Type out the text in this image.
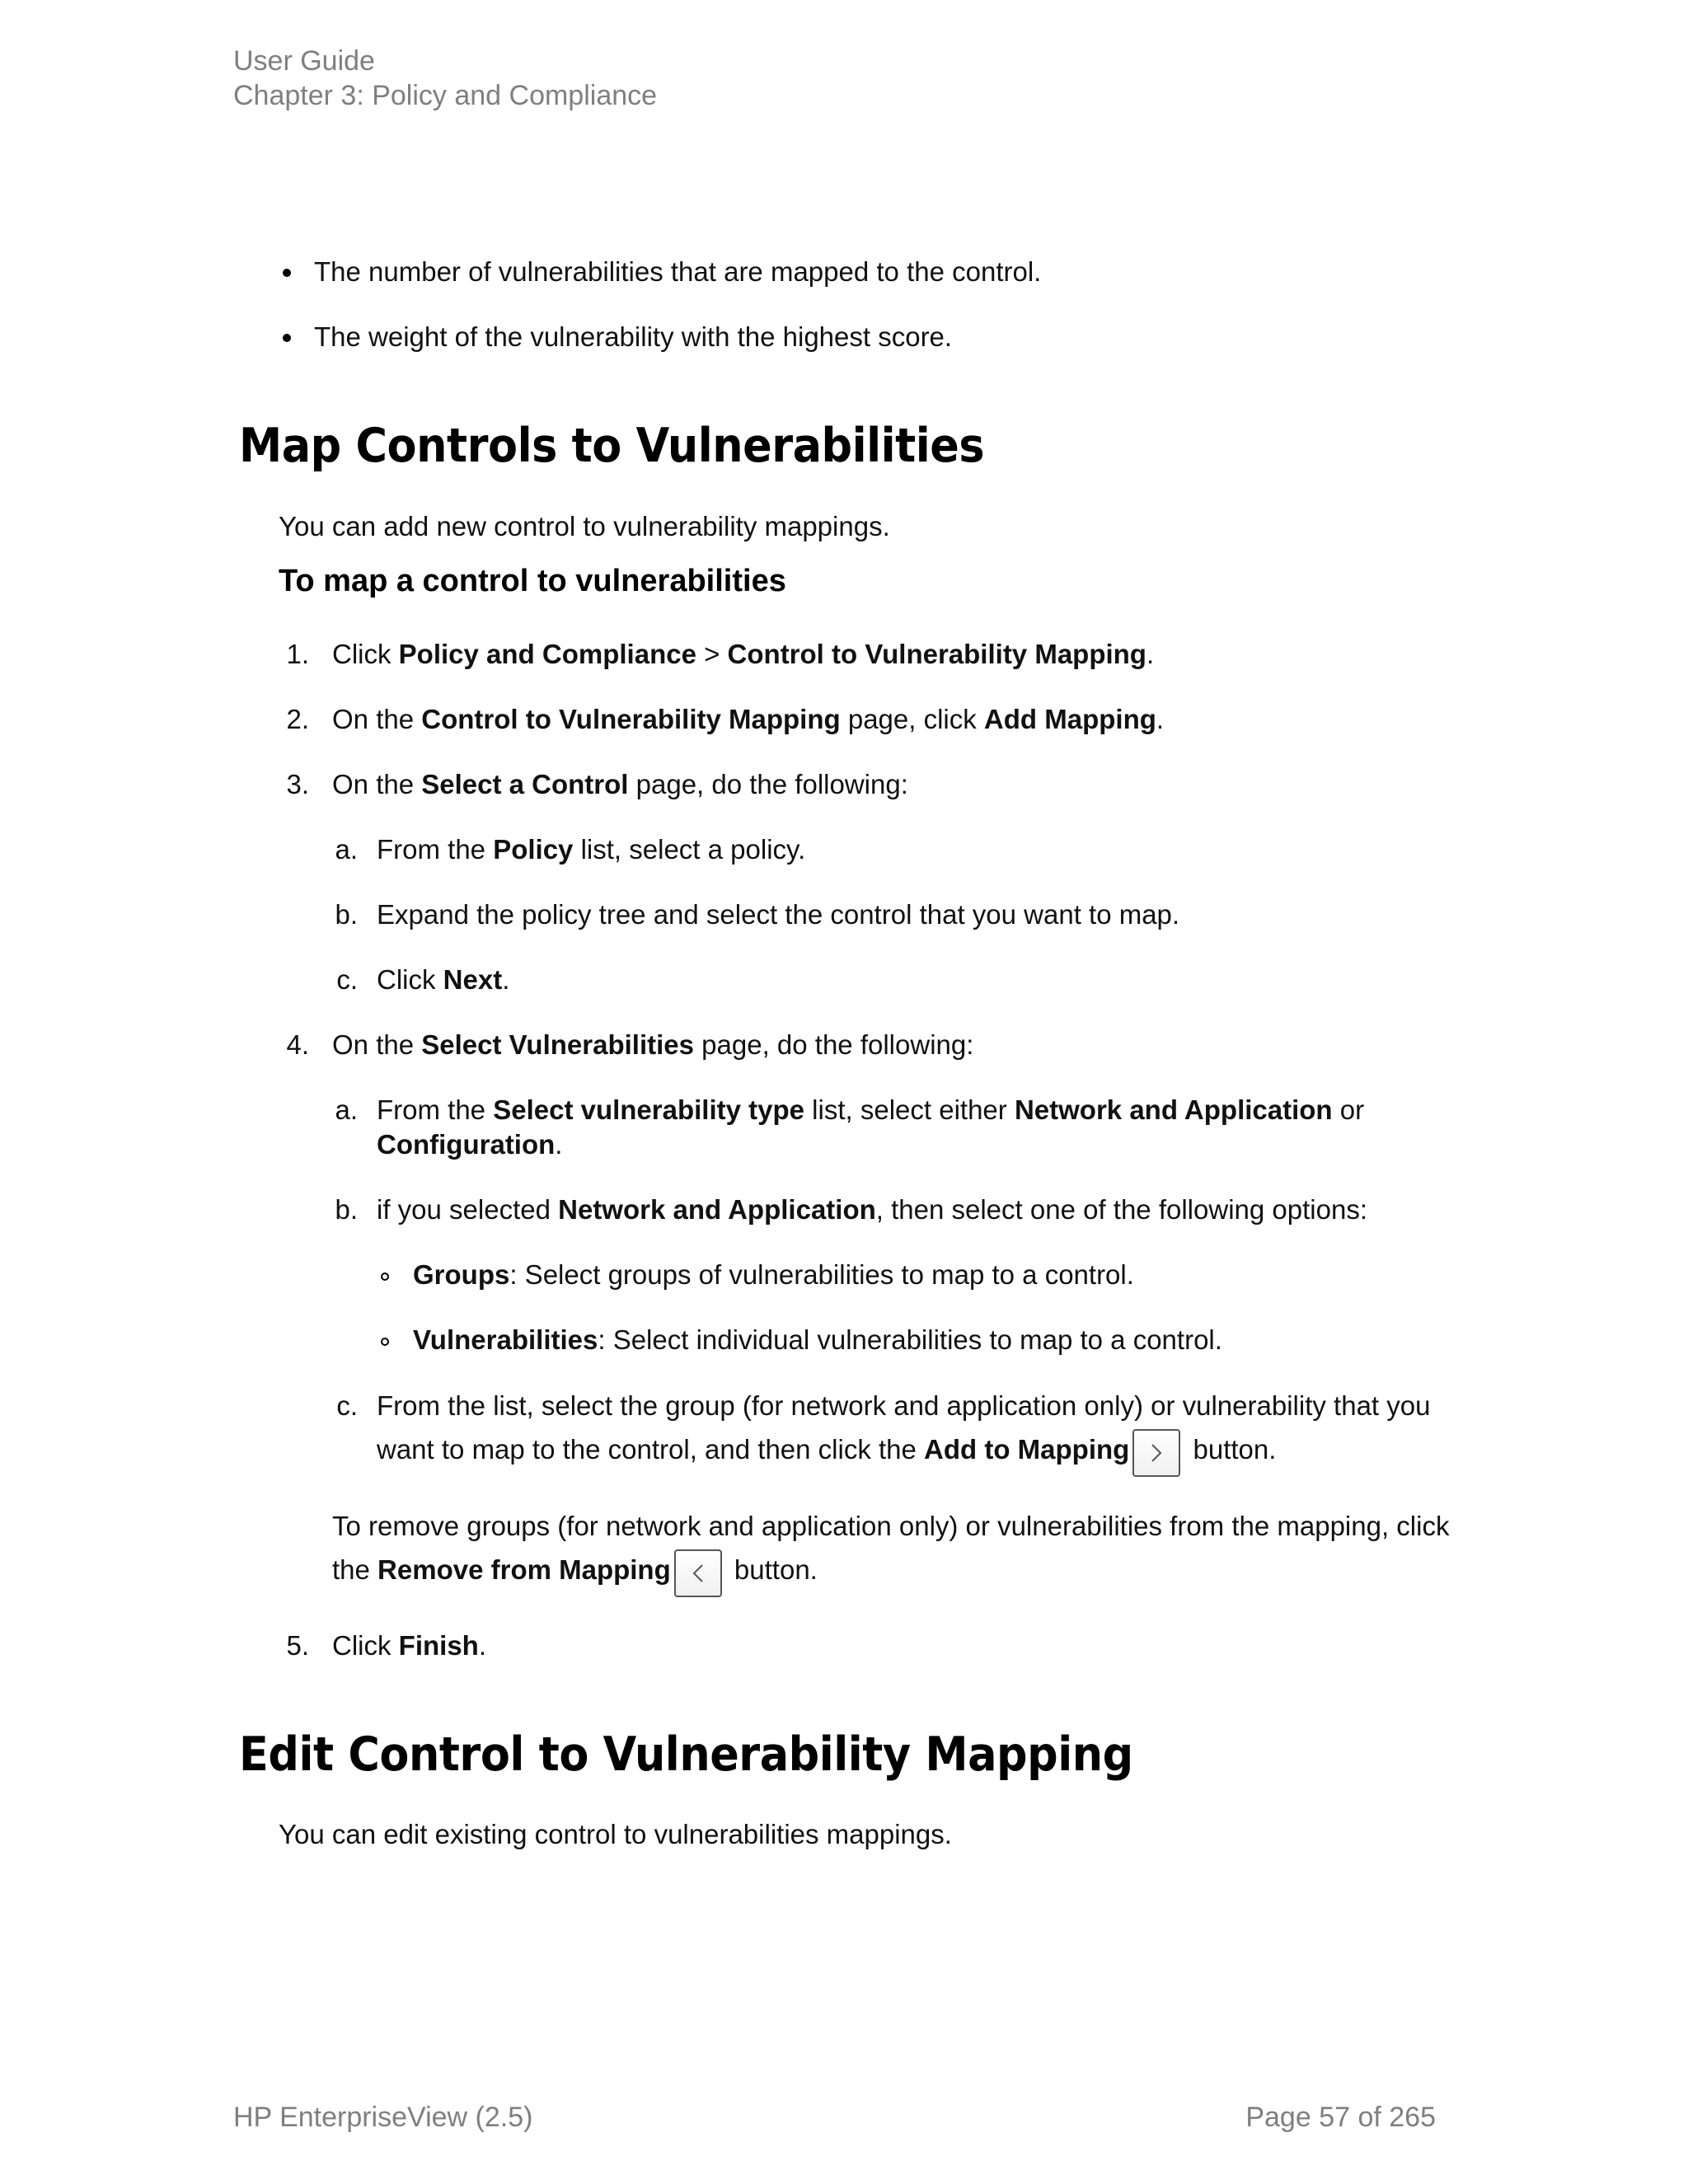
User Guide
Chapter 3: Policy and Compliance
The number of vulnerabilities that are mapped to the control.
The weight of the vulnerability with the highest score.
Map Controls to Vulnerabilities
You can add new control to vulnerability mappings.
To map a control to vulnerabilities
1. Click Policy and Compliance > Control to Vulnerability Mapping.
2. On the Control to Vulnerability Mapping page, click Add Mapping.
3. On the Select a Control page, do the following:
a. From the Policy list, select a policy.
b. Expand the policy tree and select the control that you want to map.
c. Click Next.
4. On the Select Vulnerabilities page, do the following:
a. From the Select vulnerability type list, select either Network and Application or
Configuration.
b. if you selected Network and Application, then select one of the following options:
Groups: Select groups of vulnerabilities to map to a control.
Vulnerabilities: Select individual vulnerabilities to map to a control.
c. From the list, select the group (for network and application only) or vulnerability that you
want to map to the control, and then click the Add to Mapping
button.
To remove groups (for network and application only) or vulnerabilities from the mapping, click
the Remove from Mapping
button.
5. Click Finish.
Edit Control to Vulnerability Mapping
You can edit existing control to vulnerabilities mappings.
HP EnterpriseView (2.5)	Page 57 of 265
